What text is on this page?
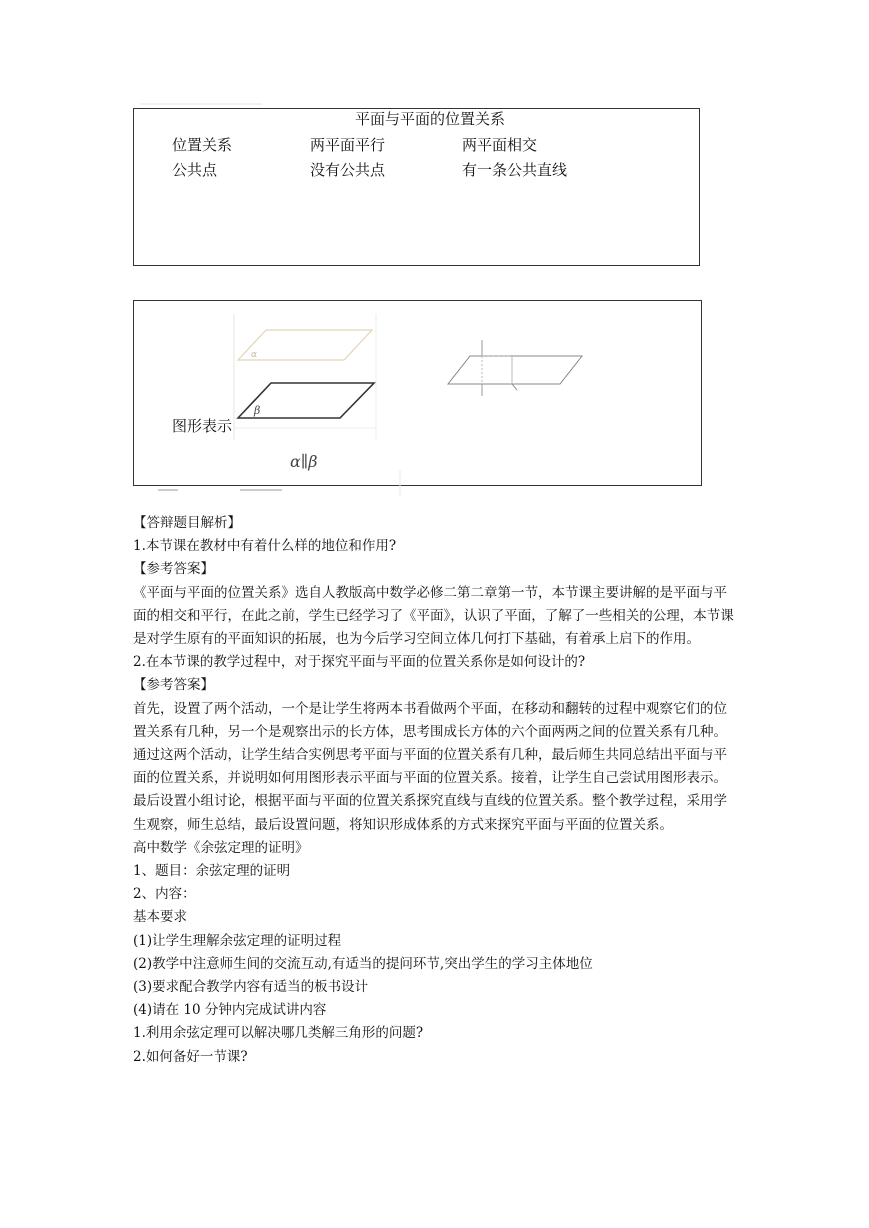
平面与平面的位置关系
位置关系	两平面平行	两平面相交
公共点	没有公共点	有一条公共直线
α
β
图形表示
α∥β

【答辩题目解析】

1.本节课在教材中有着什么样的地位和作用?

【参考答案】

《平面与平面的位置关系》选自人教版高中数学必修二第二章第一节，本节课主要讲解的是平面与平面的相交和平行，在此之前，学生已经学习了《平面》，认识了平面，了解了一些相关的公理，本节课是对学生原有的平面知识的拓展，也为今后学习空间立体几何打下基础，有着承上启下的作用。

2.在本节课的教学过程中，对于探究平面与平面的位置关系你是如何设计的?

【参考答案】

首先，设置了两个活动，一个是让学生将两本书看做两个平面，在移动和翻转的过程中观察它们的位置关系有几种，另一个是观察出示的长方体，思考围成长方体的六个面两两之间的位置关系有几种。通过这两个活动，让学生结合实例思考平面与平面的位置关系有几种，最后师生共同总结出平面与平面的位置关系，并说明如何用图形表示平面与平面的位置关系。接着，让学生自己尝试用图形表示。最后设置小组讨论，根据平面与平面的位置关系探究直线与直线的位置关系。整个教学过程，采用学生观察，师生总结，最后设置问题，将知识形成体系的方式来探究平面与平面的位置关系。

高中数学《余弦定理的证明》

1、题目：余弦定理的证明

2、内容：

基本要求

(1)让学生理解余弦定理的证明过程

(2)教学中注意师生间的交流互动,有适当的提问环节,突出学生的学习主体地位

(3)要求配合教学内容有适当的板书设计

(4)请在 10 分钟内完成试讲内容

1.利用余弦定理可以解决哪几类解三角形的问题?

2.如何备好一节课?
